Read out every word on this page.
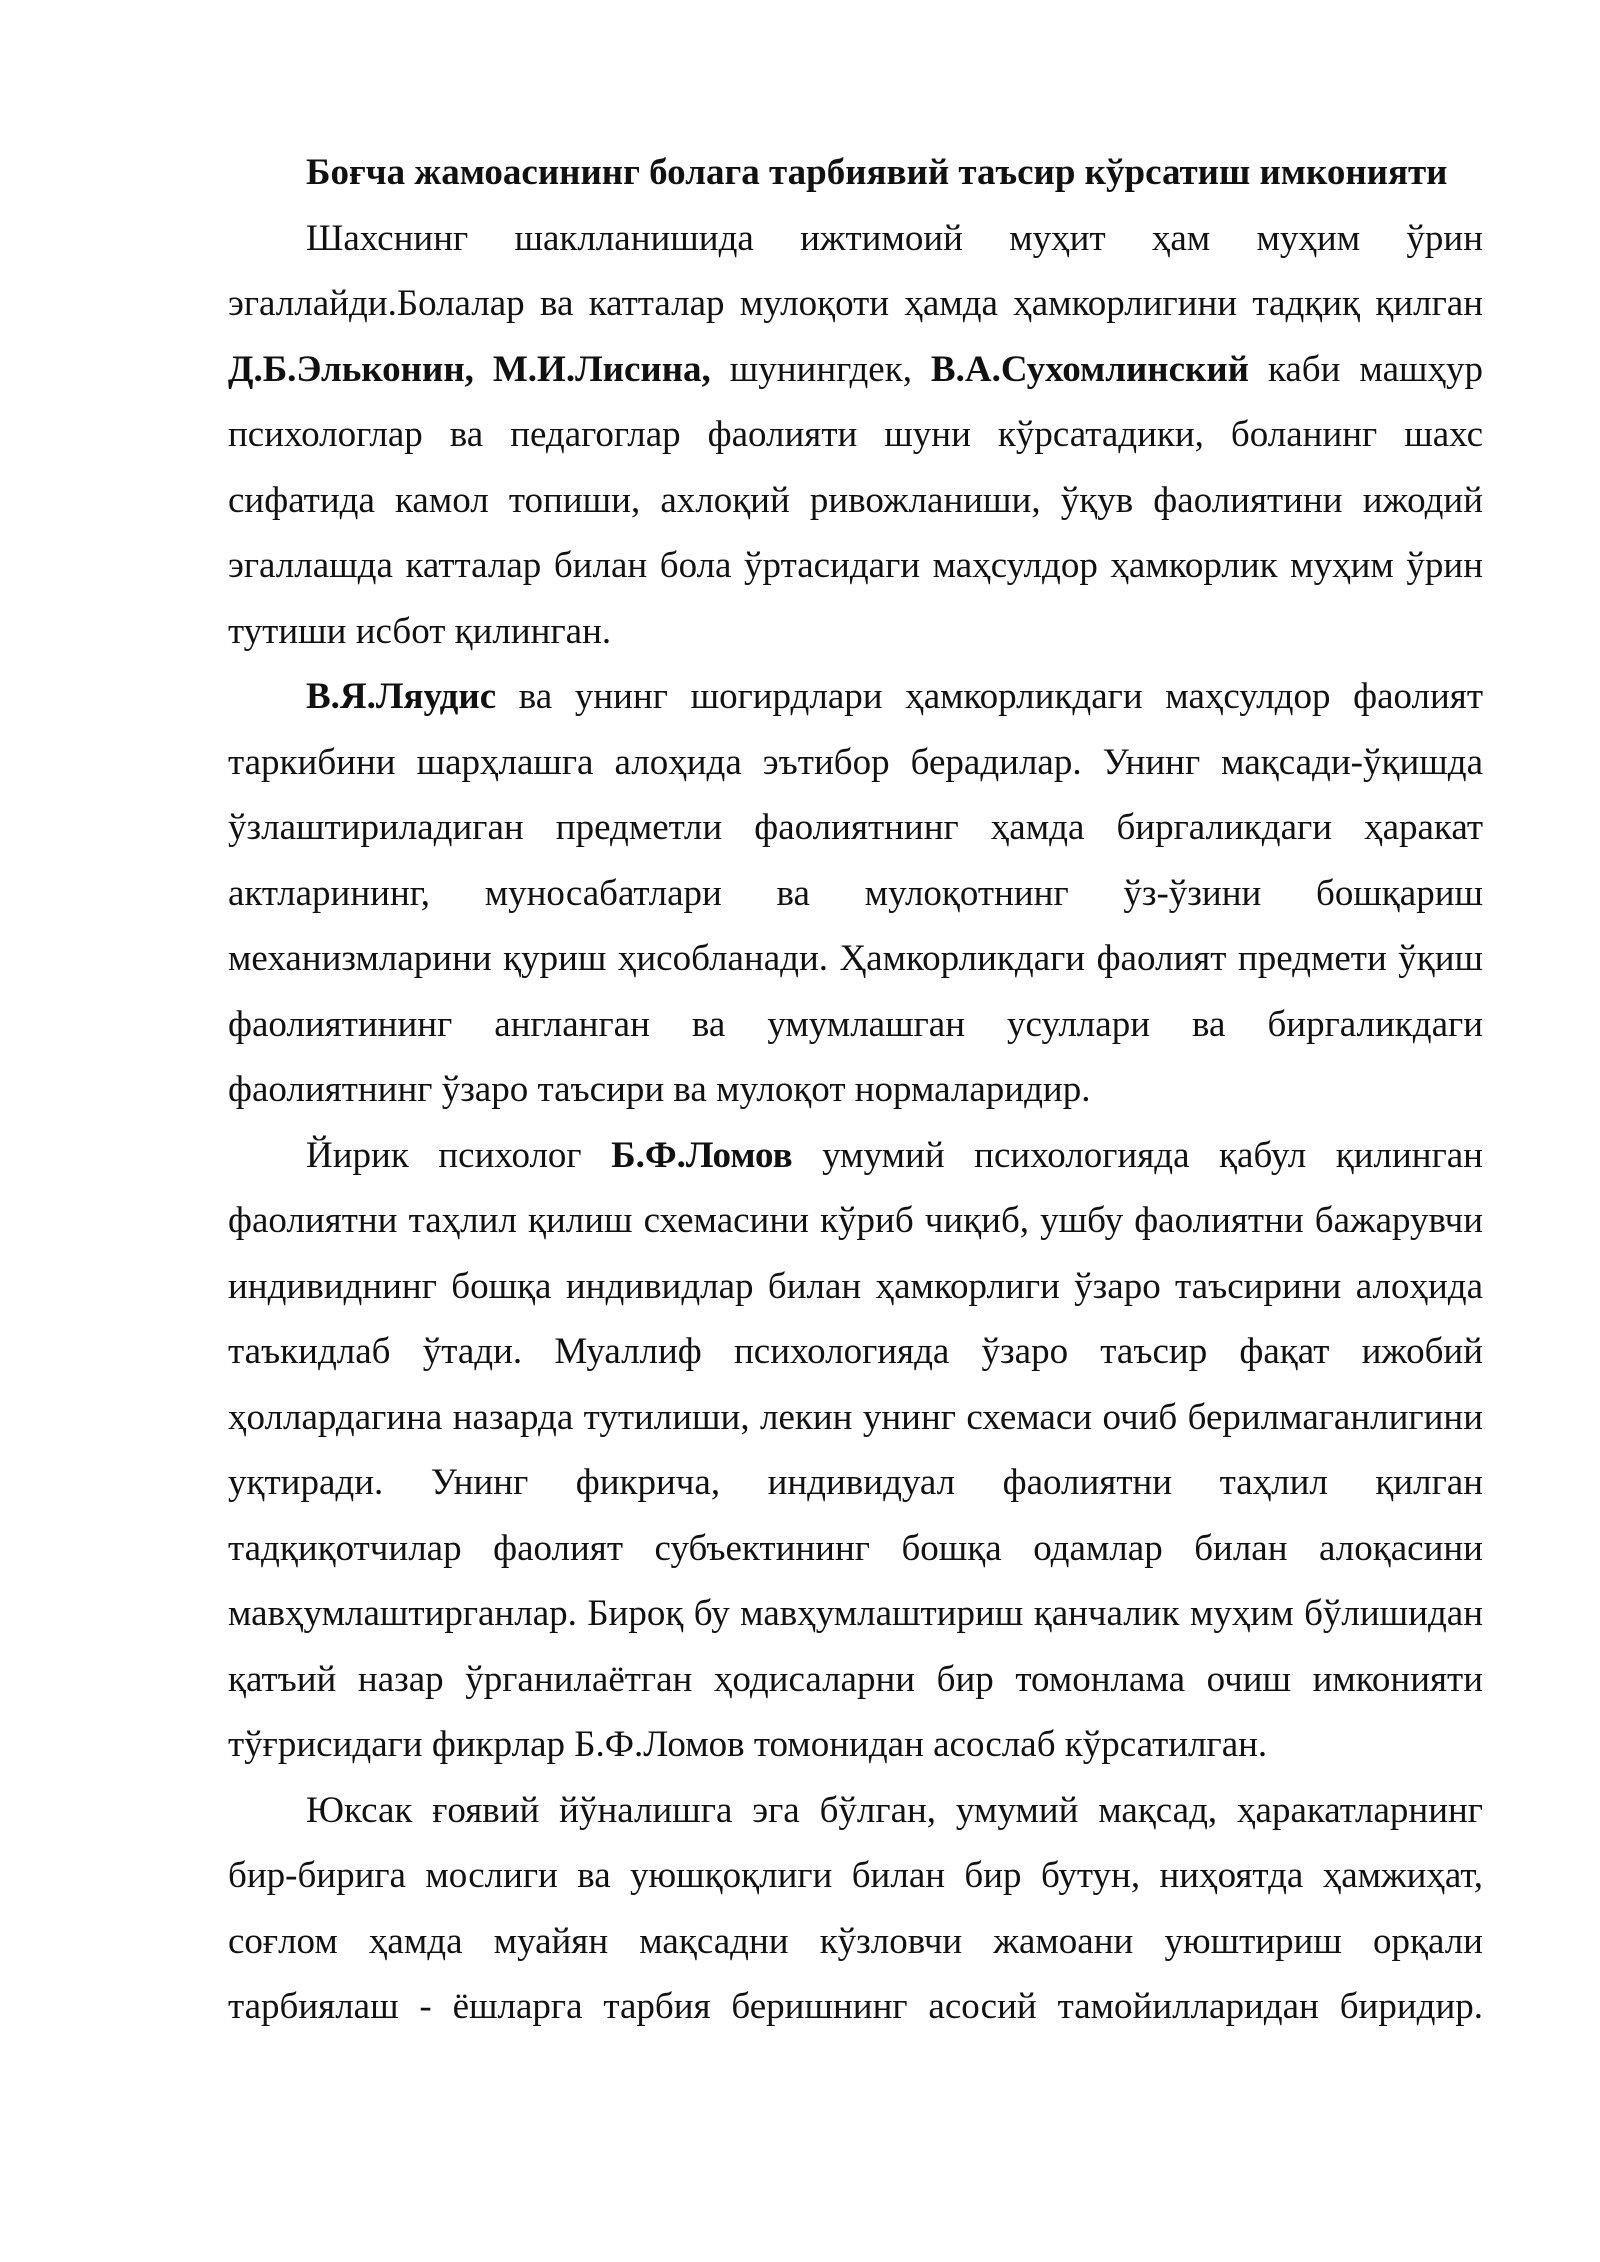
Боғча жамоасининг болага тарбиявий таъсир кўрсатиш имконияти

Шахснинг шаклланишида ижтимоий муҳит ҳам муҳим ўрин эгаллайди.Болалар ва катталар мулоқоти ҳамда ҳамкорлигини тадқиқ қилган Д.Б.Эльконин, М.И.Лисина, шунингдек, В.А.Сухомлинский каби машҳур психологлар ва педагоглар фаолияти шуни кўрсатадики, боланинг шахс сифатида камол топиши, ахлоқий ривожланиши, ўқув фаолиятини ижодий эгаллашда катталар билан бола ўртасидаги маҳсулдор ҳамкорлик муҳим ўрин тутиши исбот қилинган.

В.Я.Ляудис ва унинг шогирдлари ҳамкорликдаги маҳсулдор фаолият таркибини шарҳлашга алоҳида эътибор берадилар. Унинг мақсади-ўқишда ўзлаштириладиган предметли фаолиятнинг ҳамда биргаликдаги ҳаракат актларининг, муносабатлари ва мулоқотнинг ўз-ўзини бошқариш механизмларини қуриш ҳисобланади. Ҳамкорликдаги фаолият предмети ўқиш фаолиятининг англанган ва умумлашган усуллари ва биргаликдаги фаолиятнинг ўзаро таъсири ва мулоқот нормаларидир.

Йирик психолог Б.Ф.Ломов умумий психологияда қабул қилинган фаолиятни таҳлил қилиш схемасини кўриб чиқиб, ушбу фаолиятни бажарувчи индивиднинг бошқа индивидлар билан ҳамкорлиги ўзаро таъсирини алоҳида таъкидлаб ўтади. Муаллиф психологияда ўзаро таъсир фақат ижобий ҳоллардагина назарда тутилиши, лекин унинг схемаси очиб берилмаганлигини уқтиради. Унинг фикрича, индивидуал фаолиятни таҳлил қилган тадқиқотчилар фаолият субъектининг бошқа одамлар билан алоқасини мавҳумлаштирганлар. Бироқ бу мавҳумлаштириш қанчалик муҳим бўлишидан қатъий назар ўрганилаётган ҳодисаларни бир томонлама очиш имконияти тўғрисидаги фикрлар Б.Ф.Ломов томонидан асослаб кўрсатилган.

Юксак ғоявий йўналишга эга бўлган, умумий мақсад, ҳаракатларнинг бир-бирига мослиги ва уюшқоқлиги билан бир бутун, ниҳоятда ҳамжиҳат, соғлом ҳамда муайян мақсадни кўзловчи жамоани уюштириш орқали тарбиялаш - ёшларга тарбия беришнинг асосий тамойилларидан биридир.
